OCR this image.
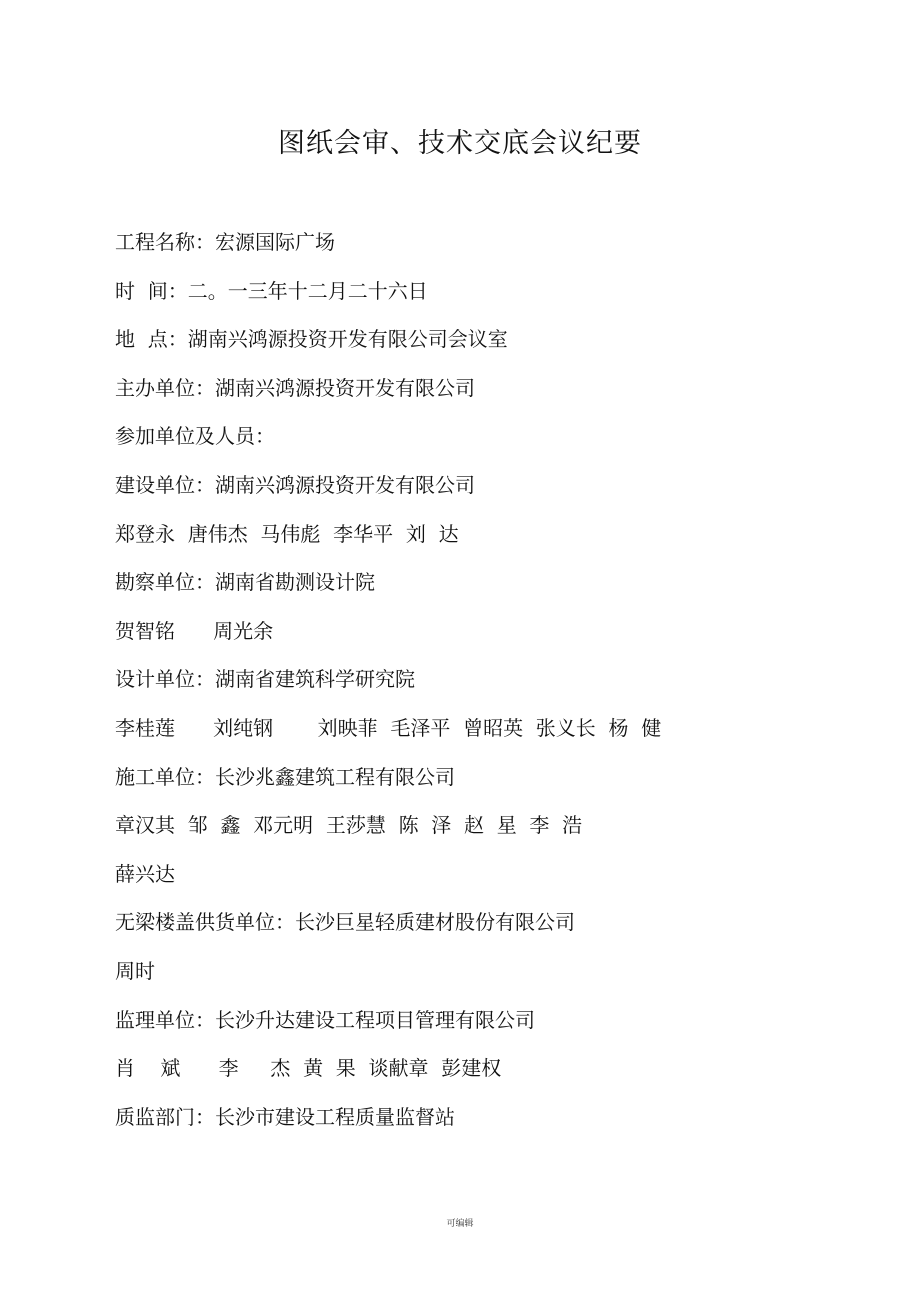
图纸会审、技术交底会议纪要
工程名称：宏源国际广场
时  间：二。一三年十二月二十六日
地  点：湖南兴鸿源投资开发有限公司会议室
主办单位：湖南兴鸿源投资开发有限公司
参加单位及人员：
建设单位：湖南兴鸿源投资开发有限公司
郑登永  唐伟杰  马伟彪  李华平  刘  达
勘察单位：湖南省勘测设计院
贺智铭      周光余
设计单位：湖南省建筑科学研究院
李桂莲      刘纯钢       刘映菲  毛泽平  曾昭英  张义长  杨  健
施工单位：长沙兆鑫建筑工程有限公司
章汉其  邹  鑫  邓元明  王莎慧  陈  泽  赵  星  李  浩
薛兴达
无梁楼盖供货单位：长沙巨星轻质建材股份有限公司
周时
监理单位：长沙升达建设工程项目管理有限公司
肖    斌      李     杰  黄  果  谈献章  彭建权
质监部门：长沙市建设工程质量监督站
可编辑
